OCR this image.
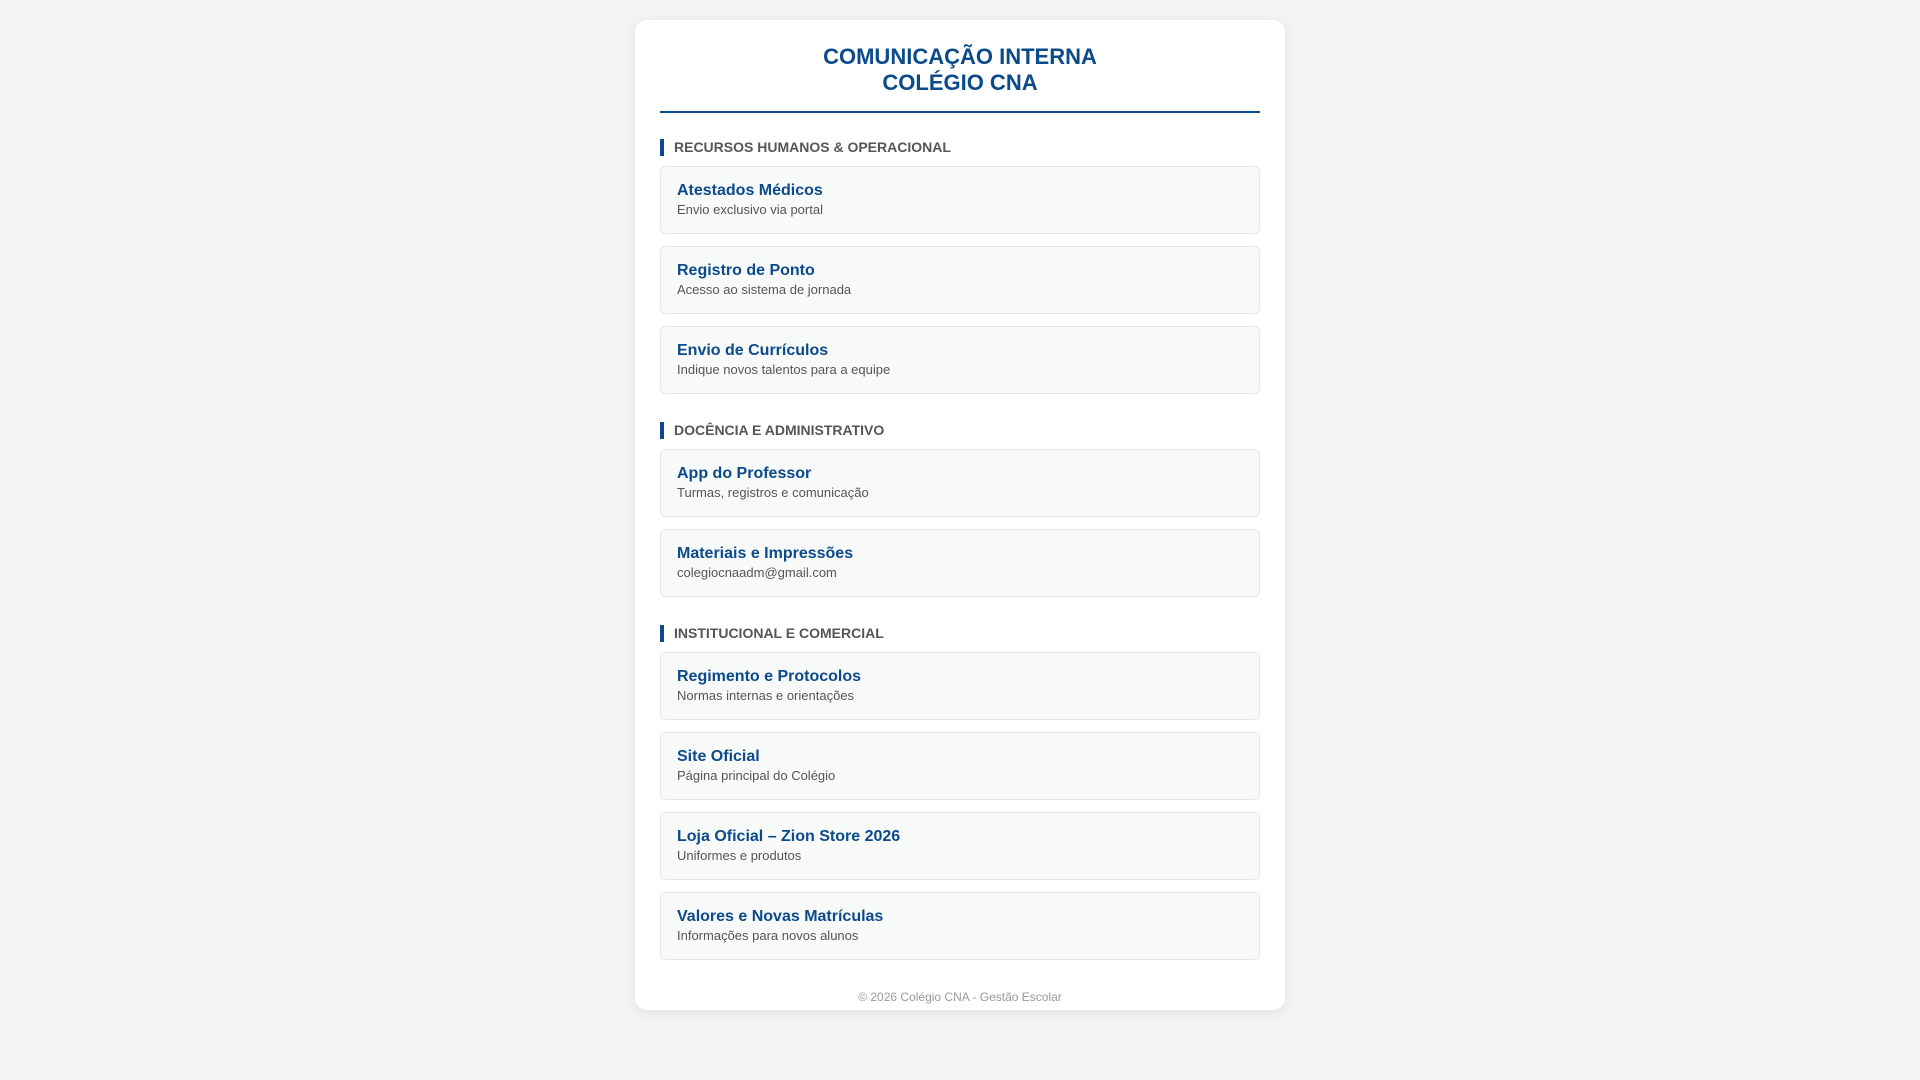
COMUNICAÇÃO INTERNA
COLÉGIO CNA
RECURSOS HUMANOS & OPERACIONAL
Atestados Médicos
Envio exclusivo via portal
Registro de Ponto
Acesso ao sistema de jornada
Envio de Currículos
Indique novos talentos para a equipe
DOCÊNCIA E ADMINISTRATIVO
App do Professor
Turmas, registros e comunicação
Materiais e Impressões
colegiocnaadm@gmail.com
INSTITUCIONAL E COMERCIAL
Regimento e Protocolos
Normas internas e orientações
Site Oficial
Página principal do Colégio
Loja Oficial – Zion Store 2026
Uniformes e produtos
Valores e Novas Matrículas
Informações para novos alunos
© 2026 Colégio CNA - Gestão Escolar
